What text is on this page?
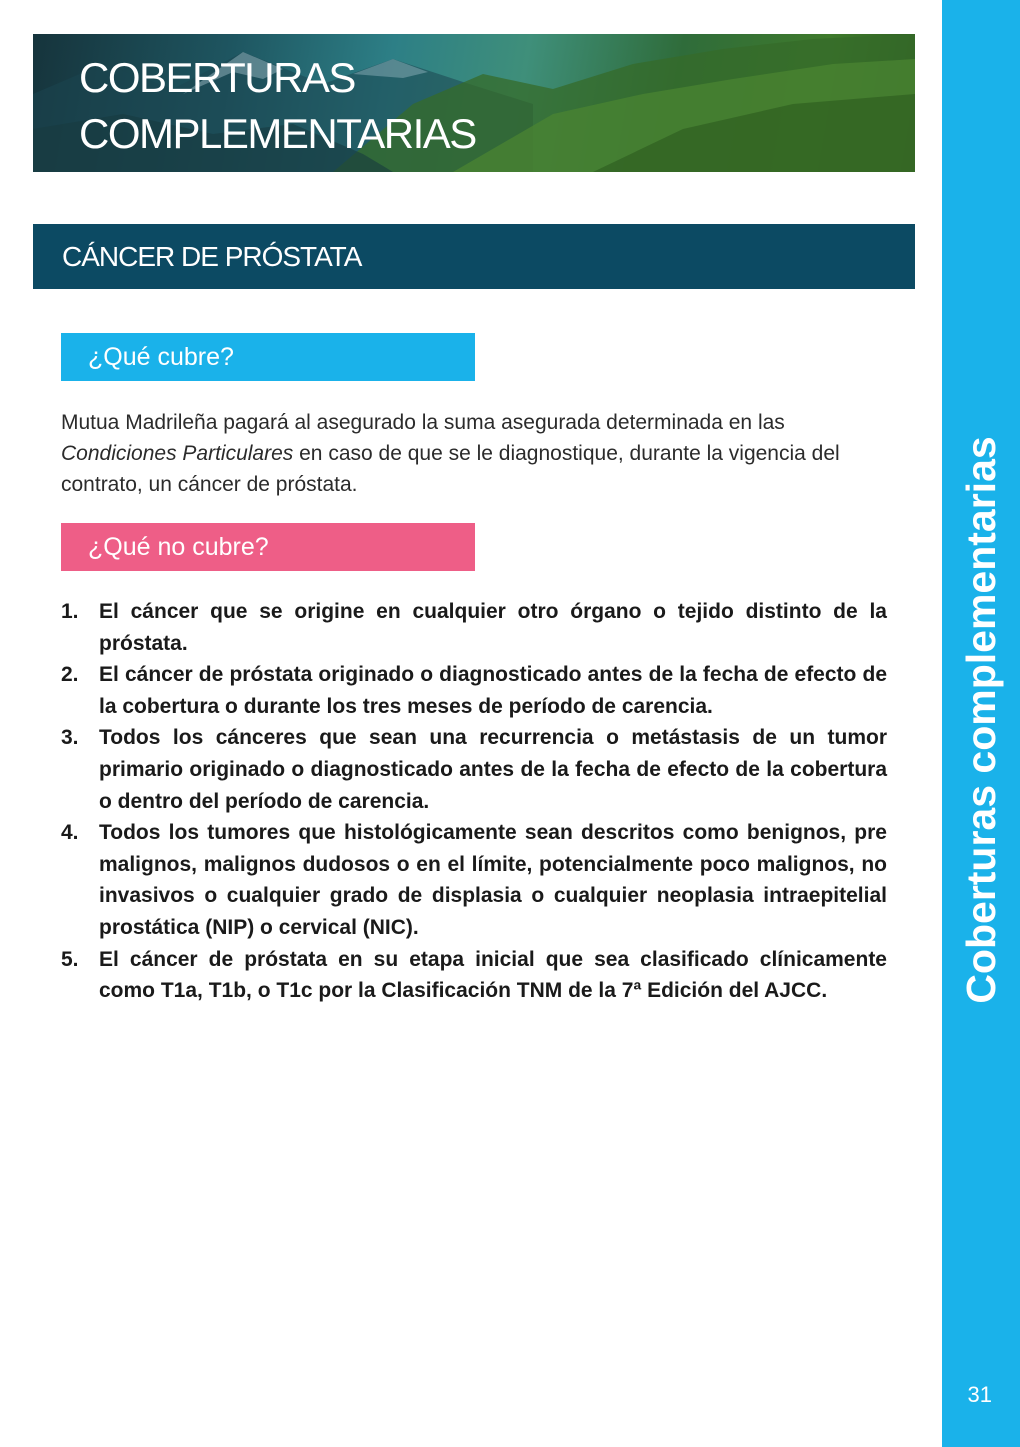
COBERTURAS
COMPLEMENTARIAS
CÁNCER DE PRÓSTATA
¿Qué cubre?

Mutua Madrileña pagará al asegurado la suma asegurada determinada en las Condiciones Particulares en caso de que se le diagnostique, durante la vigencia del contrato, un cáncer de próstata.

¿Qué no cubre?
1. El cáncer que se origine en cualquier otro órgano o tejido distinto de la próstata.
2. El cáncer de próstata originado o diagnosticado antes de la fecha de efecto de la cobertura o durante los tres meses de período de carencia.
3. Todos los cánceres que sean una recurrencia o metástasis de un tumor primario originado o diagnosticado antes de la fecha de efecto de la cobertura o dentro del período de carencia.
4. Todos los tumores que histológicamente sean descritos como benignos, pre malignos, malignos dudosos o en el límite, potencialmente poco malignos, no invasivos o cualquier grado de displasia o cualquier neoplasia intraepitelial prostática (NIP) o cervical (NIC).
5. El cáncer de próstata en su etapa inicial que sea clasificado clínicamente como T1a, T1b, o T1c por la Clasificación TNM de la 7ª Edición del AJCC.	Coberturas complementarias

31
